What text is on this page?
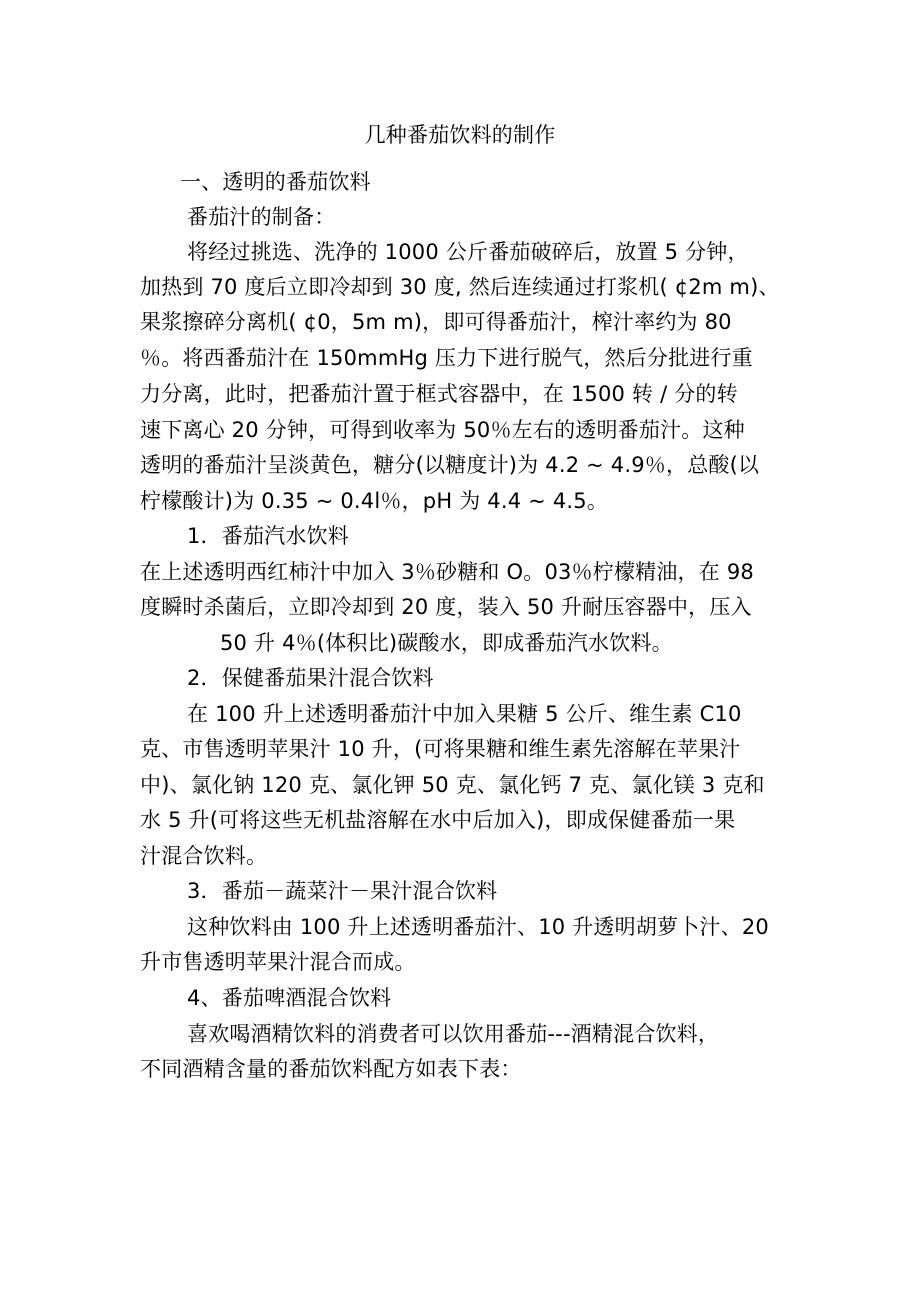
几种番茄饮料的制作
一、透明的番茄饮料
番茄汁的制备：
将经过挑选、洗净的 1000 公斤番茄破碎后，放置 5 分钟，
加热到 70 度后立即冷却到 30 度, 然后连续通过打浆机( ¢2m m)、
果浆擦碎分离机( ¢0，5m m)，即可得番茄汁，榨汁率约为 80
％。将西番茄汁在 150mmHg 压力下进行脱气，然后分批进行重
力分离，此时，把番茄汁置于框式容器中，在 1500 转 / 分的转
速下离心 20 分钟，可得到收率为 50％左右的透明番茄汁。这种
透明的番茄汁呈淡黄色，糖分(以糖度计)为 4.2 ~ 4.9％，总酸(以
柠檬酸计)为 0.35 ~ 0.4l％，pH 为 4.4 ~ 4.5。
1．番茄汽水饮料
在上述透明西红柿汁中加入 3％砂糖和 O。03％柠檬精油，在 98
度瞬时杀菌后，立即冷却到 20 度，装入 50 升耐压容器中，压入
50 升 4％(体积比)碳酸水，即成番茄汽水饮料。
2．保健番茄果汁混合饮料
在 100 升上述透明番茄汁中加入果糖 5 公斤、维生素 C10
克、市售透明苹果汁 10 升，(可将果糖和维生素先溶解在苹果汁
中)、氯化钠 120 克、氯化钾 50 克、氯化钙 7 克、氯化镁 3 克和
水 5 升(可将这些无机盐溶解在水中后加入)，即成保健番茄一果
汁混合饮料。
3．番茄－蔬菜汁－果汁混合饮料
这种饮料由 100 升上述透明番茄汁、10 升透明胡萝卜汁、20
升市售透明苹果汁混合而成。
4、番茄啤酒混合饮料
喜欢喝酒精饮料的消费者可以饮用番茄---酒精混合饮料，
不同酒精含量的番茄饮料配方如表下表：
